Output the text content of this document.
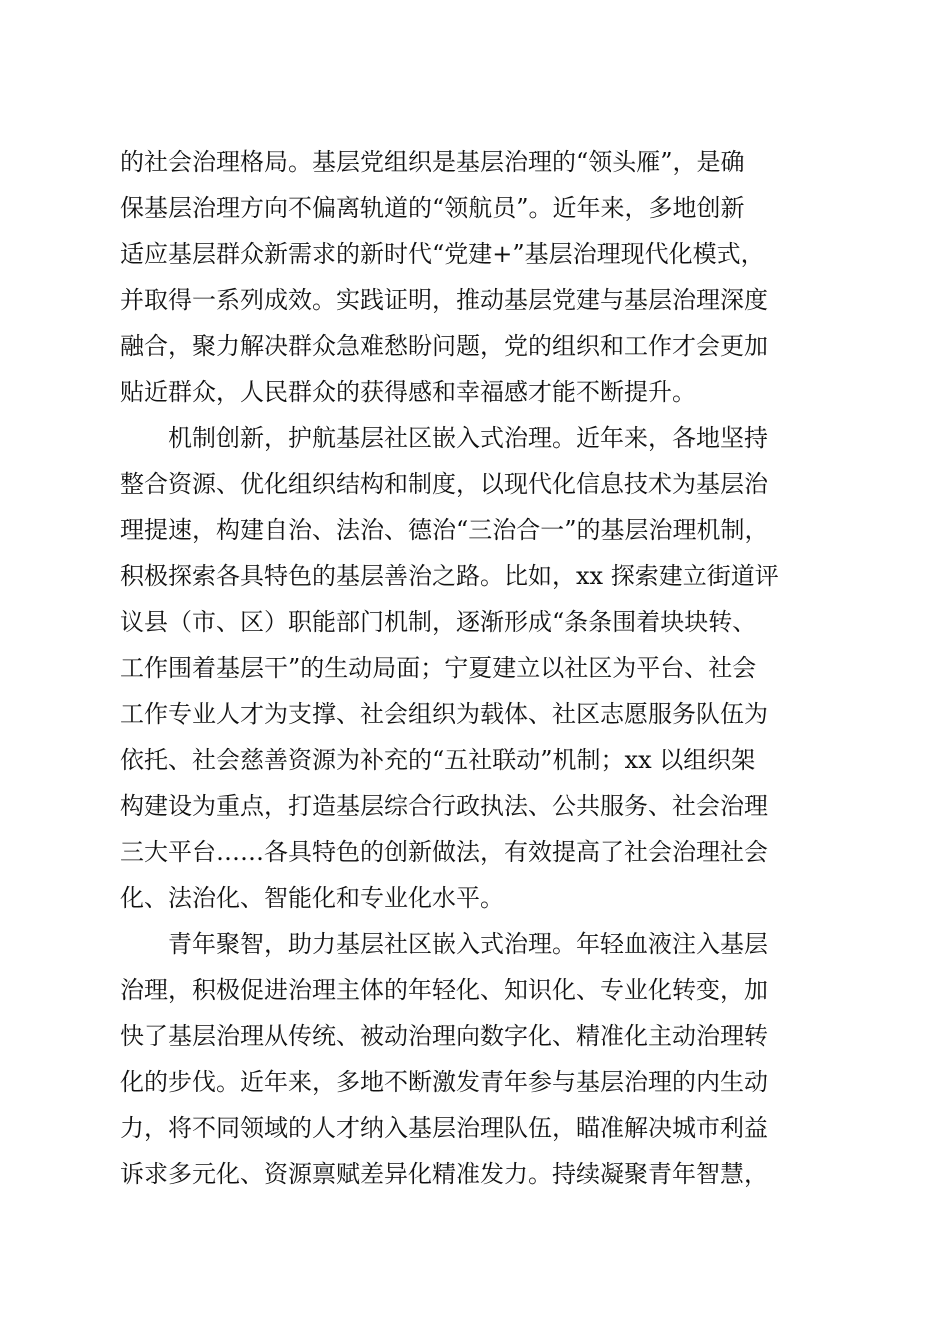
的社会治理格局。基层党组织是基层治理的“领头雁”，是确
保基层治理方向不偏离轨道的“领航员”。近年来，多地创新
适应基层群众新需求的新时代“党建+”基层治理现代化模式，
并取得一系列成效。实践证明，推动基层党建与基层治理深度
融合，聚力解决群众急难愁盼问题，党的组织和工作才会更加
贴近群众，人民群众的获得感和幸福感才能不断提升。
机制创新，护航基层社区嵌入式治理。近年来，各地坚持
整合资源、优化组织结构和制度，以现代化信息技术为基层治
理提速，构建自治、法治、德治“三治合一”的基层治理机制，
积极探索各具特色的基层善治之路。比如，xx 探索建立街道评
议县（市、区）职能部门机制，逐渐形成“条条围着块块转、
工作围着基层干”的生动局面；宁夏建立以社区为平台、社会
工作专业人才为支撑、社会组织为载体、社区志愿服务队伍为
依托、社会慈善资源为补充的“五社联动”机制；xx 以组织架
构建设为重点，打造基层综合行政执法、公共服务、社会治理
三大平台……各具特色的创新做法，有效提高了社会治理社会
化、法治化、智能化和专业化水平。
青年聚智，助力基层社区嵌入式治理。年轻血液注入基层
治理，积极促进治理主体的年轻化、知识化、专业化转变，加
快了基层治理从传统、被动治理向数字化、精准化主动治理转
化的步伐。近年来，多地不断激发青年参与基层治理的内生动
力，将不同领域的人才纳入基层治理队伍，瞄准解决城市利益
诉求多元化、资源禀赋差异化精准发力。持续凝聚青年智慧，
